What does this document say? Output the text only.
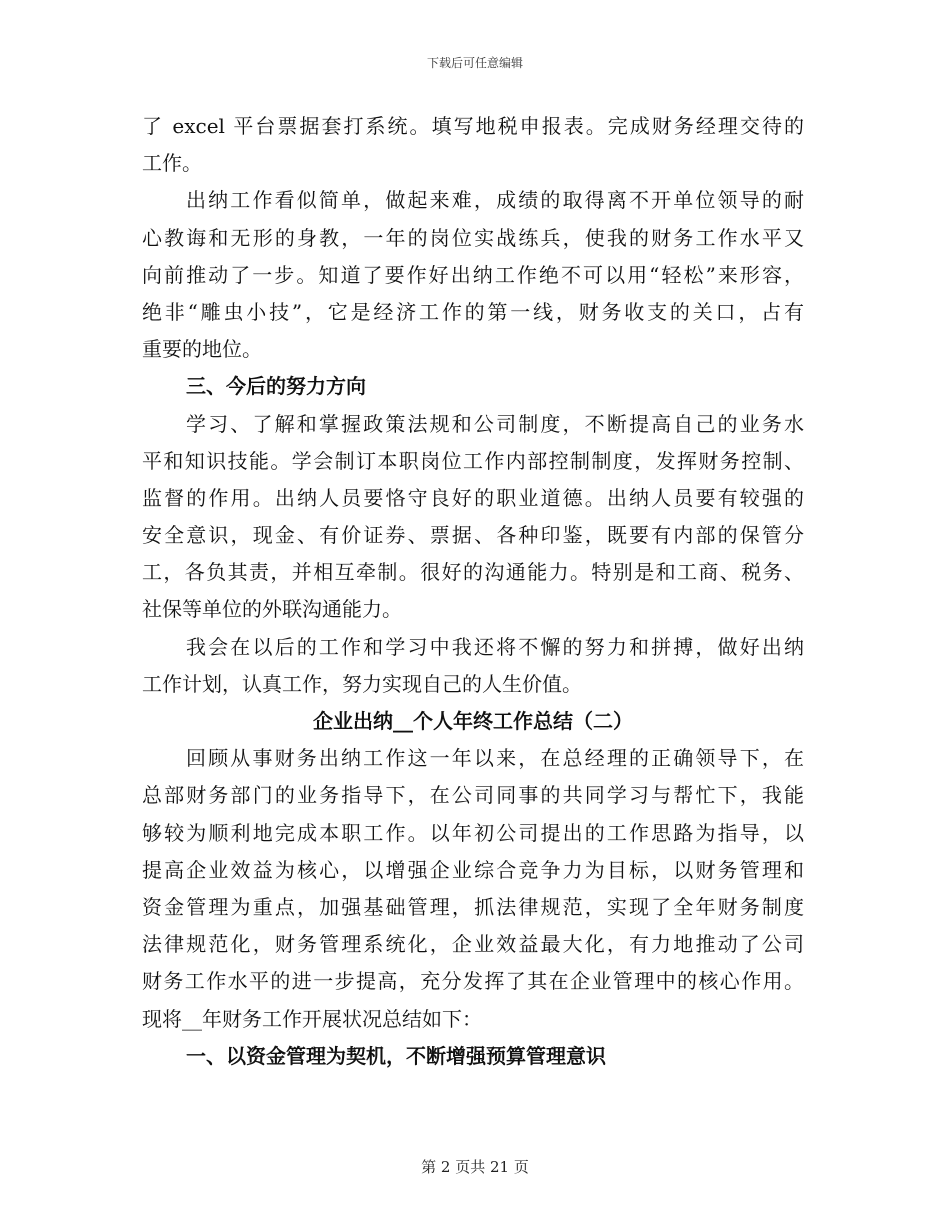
下载后可任意编辑
了 excel 平台票据套打系统。填写地税申报表。完成财务经理交待的
工作。
出纳工作看似简单，做起来难，成绩的取得离不开单位领导的耐
心教诲和无形的身教，一年的岗位实战练兵，使我的财务工作水平又
向前推动了一步。知道了要作好出纳工作绝不可以用“轻松”来形容，
绝非“雕虫小技”，它是经济工作的第一线，财务收支的关口，占有
重要的地位。
三、今后的努力方向
学习、了解和掌握政策法规和公司制度，不断提高自己的业务水
平和知识技能。学会制订本职岗位工作内部控制制度，发挥财务控制、
监督的作用。出纳人员要恪守良好的职业道德。出纳人员要有较强的
安全意识，现金、有价证券、票据、各种印鉴，既要有内部的保管分
工，各负其责，并相互牵制。很好的沟通能力。特别是和工商、税务、
社保等单位的外联沟通能力。
我会在以后的工作和学习中我还将不懈的努力和拼搏，做好出纳
工作计划，认真工作，努力实现自己的人生价值。
企业出纳__个人年终工作总结（二）
回顾从事财务出纳工作这一年以来，在总经理的正确领导下，在
总部财务部门的业务指导下，在公司同事的共同学习与帮忙下，我能
够较为顺利地完成本职工作。以年初公司提出的工作思路为指导，以
提高企业效益为核心，以增强企业综合竞争力为目标，以财务管理和
资金管理为重点，加强基础管理，抓法律规范，实现了全年财务制度
法律规范化，财务管理系统化，企业效益最大化，有力地推动了公司
财务工作水平的进一步提高，充分发挥了其在企业管理中的核心作用。
现将__年财务工作开展状况总结如下：
一、以资金管理为契机，不断增强预算管理意识
第 2 页共 21 页
